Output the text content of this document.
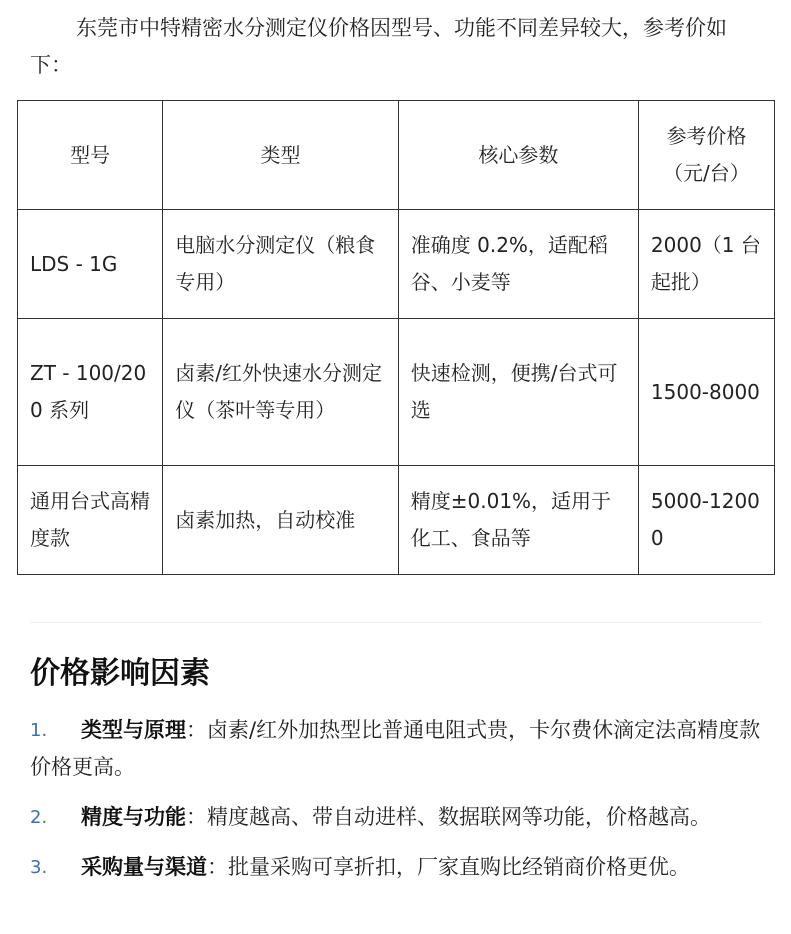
东莞市中特精密水分测定仪价格因型号、功能不同差异较大，参考价如下：

型号	类型	核心参数	参考价格（元/台）
LDS - 1G	电脑水分测定仪（粮食专用）	准确度 0.2%，适配稻谷、小麦等	2000（1 台起批）
ZT - 100/200 系列	卤素/红外快速水分测定仪（茶叶等专用）	快速检测，便携/台式可选	1500-8000
通用台式高精度款	卤素加热，自动校准	精度±0.01%，适用于化工、食品等	5000-12000
价格影响因素
1. 类型与原理：卤素/红外加热型比普通电阻式贵，卡尔费休滴定法高精度款价格更高。
2. 精度与功能：精度越高、带自动进样、数据联网等功能，价格越高。
3. 采购量与渠道：批量采购可享折扣，厂家直购比经销商价格更优。
